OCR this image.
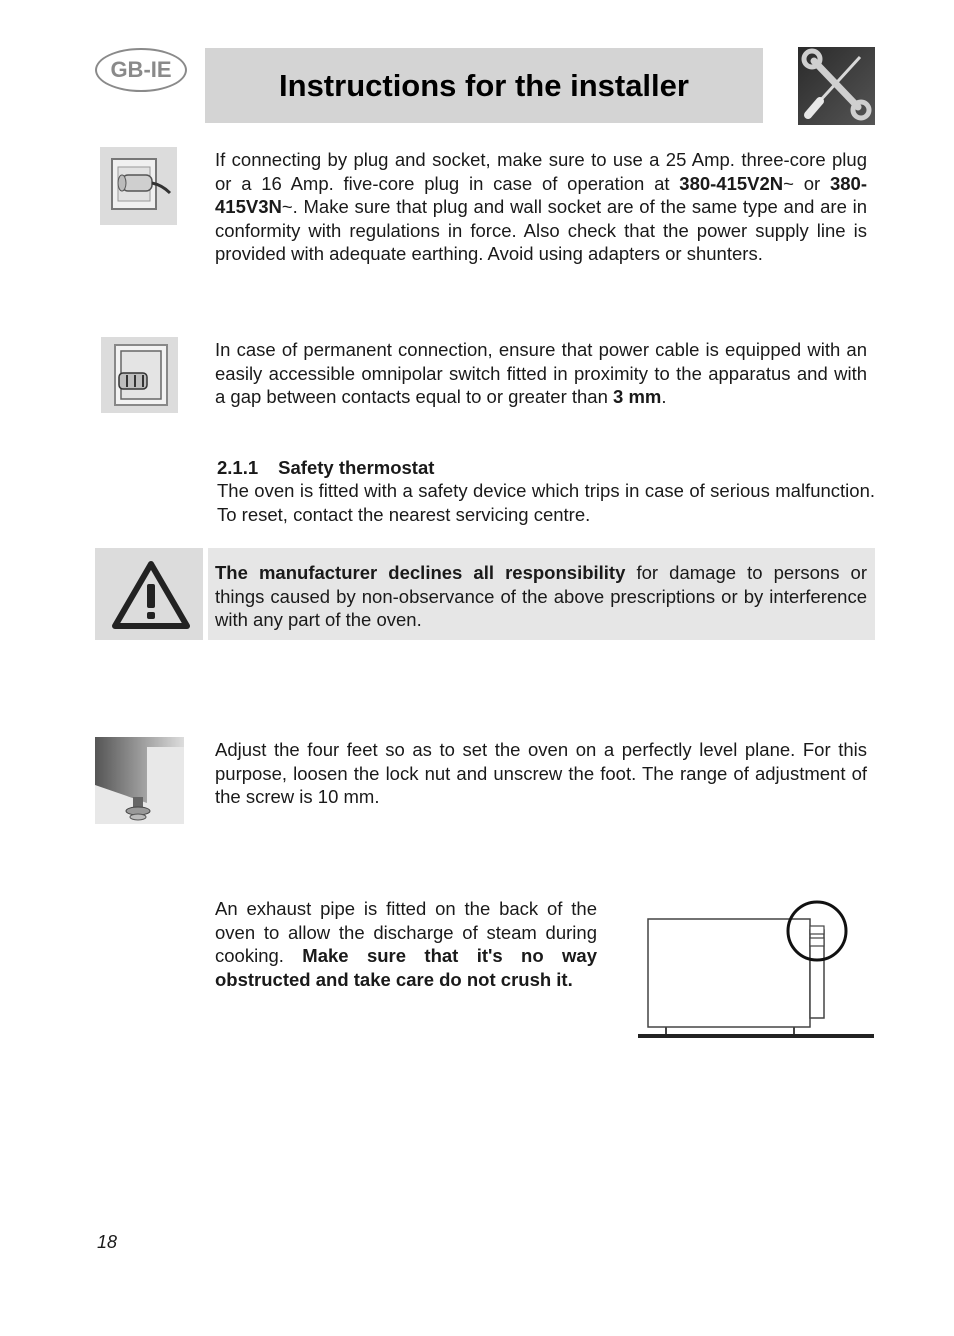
GB-IE	Instructions for the installer
If connecting by plug and socket, make sure to use a 25 Amp. three-core plug or a 16 Amp. five-core plug in case of operation at 380-415V2N~ or 380-415V3N~. Make sure that plug and wall socket are of the same type and are in conformity with regulations in force. Also check that the power supply line is provided with adequate earthing. Avoid using adapters or shunters.
In case of permanent connection, ensure that power cable is equipped with an easily accessible omnipolar switch fitted in proximity to the apparatus and with a gap between contacts equal to or greater than 3 mm.
2.1.1 Safety thermostat
The oven is fitted with a safety device which trips in case of serious malfunction. To reset, contact the nearest servicing centre.
The manufacturer declines all responsibility for damage to persons or things caused by non-observance of the above prescriptions or by interference with any part of the oven.
Adjust the four feet so as to set the oven on a perfectly level plane. For this purpose, loosen the lock nut and unscrew the foot. The range of adjustment of the screw is 10 mm.
An exhaust pipe is fitted on the back of the oven to allow the discharge of steam during cooking. Make sure that it's no way obstructed and take care do not crush it.
18
